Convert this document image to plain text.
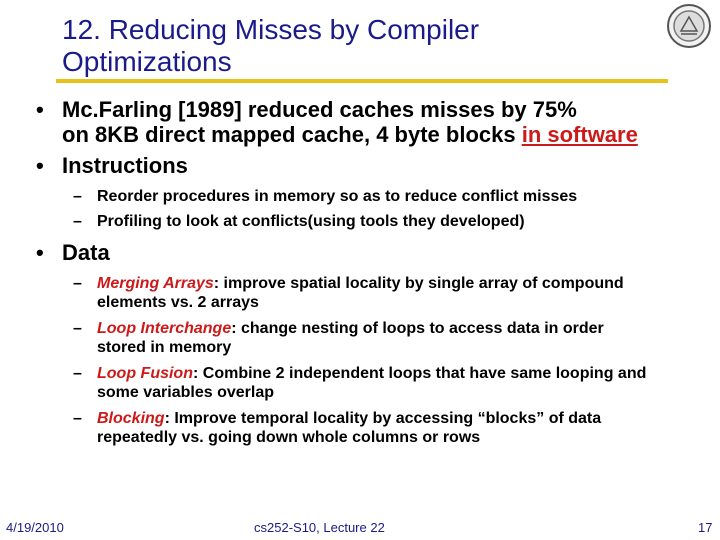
12. Reducing Misses by Compiler
Optimizations
• Mc.Farling [1989] reduced caches misses by 75%
on 8KB direct mapped cache, 4 byte blocks in software
• Instructions
– Reorder procedures in memory so as to reduce conflict misses
– Profiling to look at conflicts(using tools they developed)
• Data
– Merging Arrays: improve spatial locality by single array of compound
elements vs. 2 arrays
– Loop Interchange: change nesting of loops to access data in order
stored in memory
– Loop Fusion: Combine 2 independent loops that have same looping and
some variables overlap
– Blocking: Improve temporal locality by accessing “blocks” of data
repeatedly vs. going down whole columns or rows
4/19/2010	cs252-S10, Lecture 22	17
